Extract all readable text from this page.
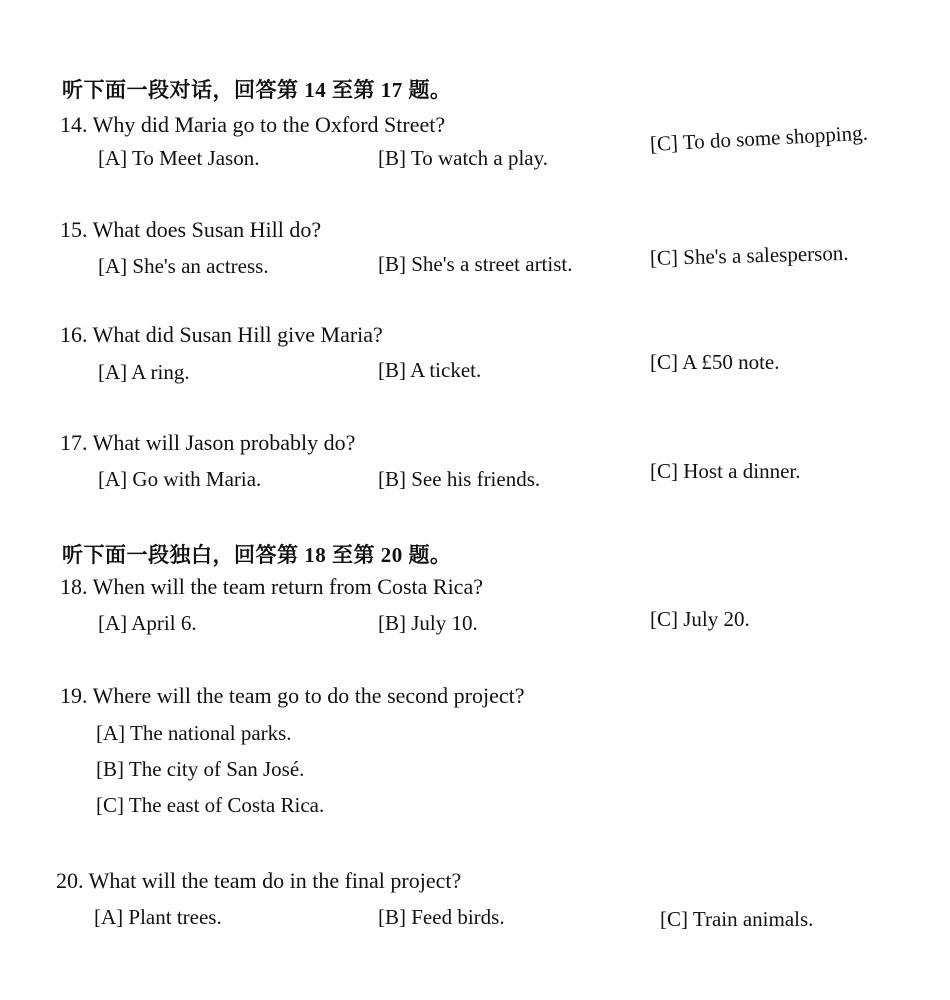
听下面一段对话，回答第 14 至第 17 题。
14. Why did Maria go to the Oxford Street?
[A] To Meet Jason.	[B] To watch a play.
[C] To do some shopping.
15. What does Susan Hill do?
[A] She's an actress.	[B] She's a street artist.	[C] She's a salesperson.
16. What did Susan Hill give Maria?
[A] A ring.	[B] A ticket.	[C] A £50 note.
17. What will Jason probably do?
[A] Go with Maria.	[B] See his friends.	[C] Host a dinner.
听下面一段独白，回答第 18 至第 20 题。
18. When will the team return from Costa Rica?
[A] April 6.	[B] July 10.	[C] July 20.
19. Where will the team go to do the second project?
[A] The national parks.
[B] The city of San José.
[C] The east of Costa Rica.
20. What will the team do in the final project?
[A] Plant trees.	[B] Feed birds.	[C] Train animals.
